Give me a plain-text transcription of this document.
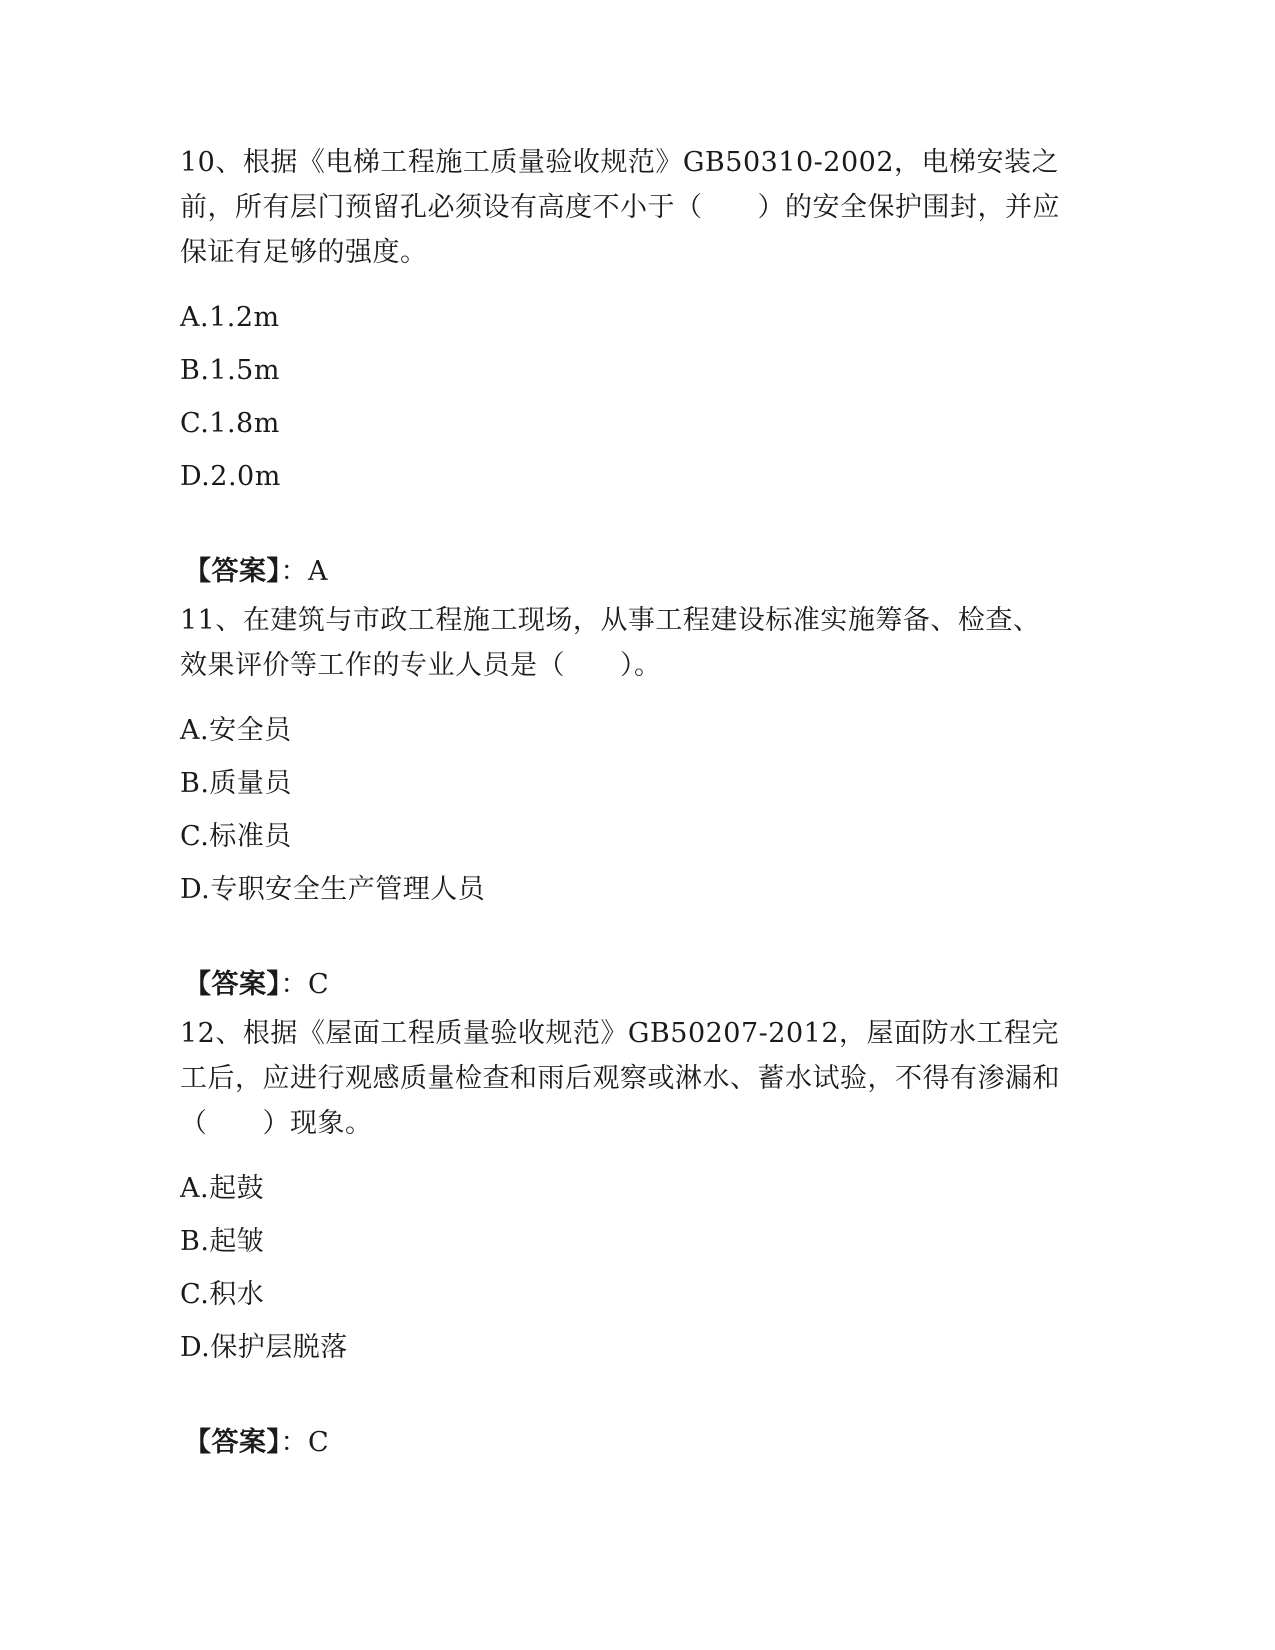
10、根据《电梯工程施工质量验收规范》GB50310-2002，电梯安装之前，所有层门预留孔必须设有高度不小于（　　）的安全保护围封，并应保证有足够的强度。

A.1.2m
B.1.5m
C.1.8m
D.2.0m

【答案】：A

11、在建筑与市政工程施工现场，从事工程建设标准实施筹备、检查、效果评价等工作的专业人员是（　　）。

A.安全员
B.质量员
C.标准员
D.专职安全生产管理人员

【答案】：C

12、根据《屋面工程质量验收规范》GB50207-2012，屋面防水工程完工后，应进行观感质量检查和雨后观察或淋水、蓄水试验，不得有渗漏和（　　）现象。

A.起鼓
B.起皱
C.积水
D.保护层脱落

【答案】：C
